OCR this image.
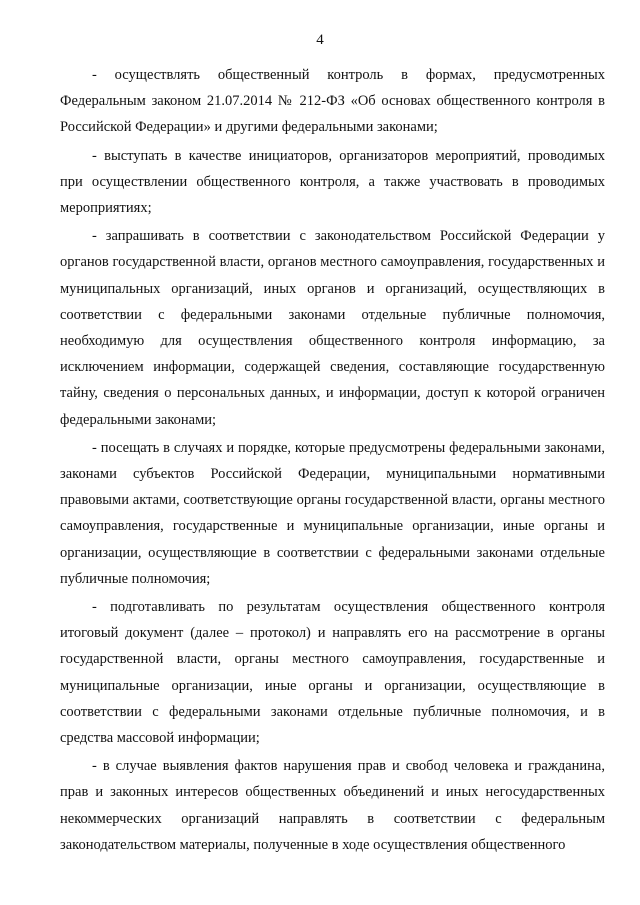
4

- осуществлять общественный контроль в формах, предусмотренных Федеральным законом 21.07.2014 № 212-ФЗ «Об основах общественного контроля в Российской Федерации» и другими федеральными законами;

- выступать в качестве инициаторов, организаторов мероприятий, проводимых при осуществлении общественного контроля, а также участвовать в проводимых мероприятиях;

- запрашивать в соответствии с законодательством Российской Федерации у органов государственной власти, органов местного самоуправления, государственных и муниципальных организаций, иных органов и организаций, осуществляющих в соответствии с федеральными законами отдельные публичные полномочия, необходимую для осуществления общественного контроля информацию, за исключением информации, содержащей сведения, составляющие государственную тайну, сведения о персональных данных, и информации, доступ к которой ограничен федеральными законами;

- посещать в случаях и порядке, которые предусмотрены федеральными законами, законами субъектов Российской Федерации, муниципальными нормативными правовыми актами, соответствующие органы государственной власти, органы местного самоуправления, государственные и муниципальные организации, иные органы и организации, осуществляющие в соответствии с федеральными законами отдельные публичные полномочия;

- подготавливать по результатам осуществления общественного контроля итоговый документ (далее – протокол) и направлять его на рассмотрение в органы государственной власти, органы местного самоуправления, государственные и муниципальные организации, иные органы и организации, осуществляющие в соответствии с федеральными законами отдельные публичные полномочия, и в средства массовой информации;

- в случае выявления фактов нарушения прав и свобод человека и гражданина, прав и законных интересов общественных объединений и иных негосударственных некоммерческих организаций направлять в соответствии с федеральным законодательством материалы, полученные в ходе осуществления общественного
